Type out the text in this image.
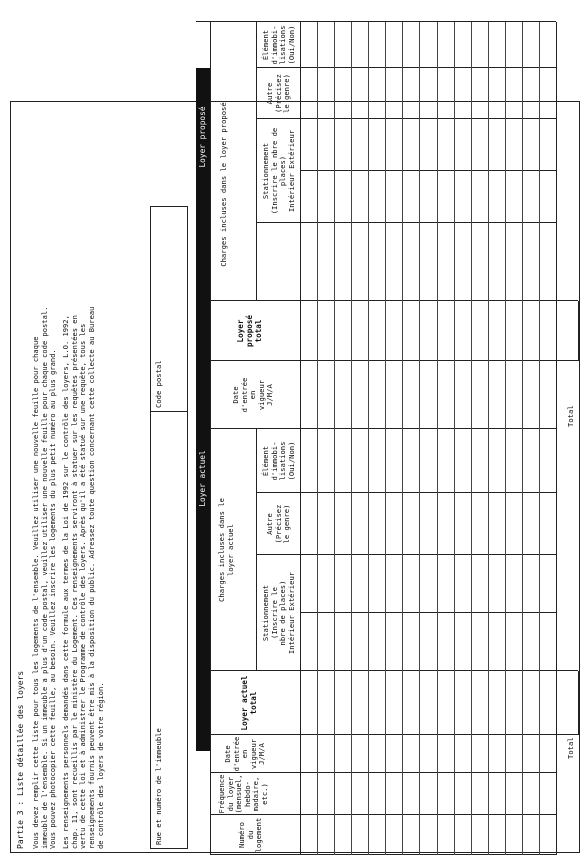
Partie 3 : Liste détaillée des loyers Vous devez remplir cette liste pour tous les logements de l'ensemble. Veuillez utiliser une nouvelle feuille pour chaque immeuble de l'ensemble. Si un immeuble a plus d'un code postal, veuillez utiliser une nouvelle feuille pour chaque code postal. Vous pouvez photocopier cette feuille, au besoin. Veuillez inscrire les logements du plus petit numéro au plus grand. Les renseignements personnels demandés dans cette formule aux termes de la Loi de 1992 sur le contrôle des loyers, L.O. 1992, chap. 11, sont recueillis par le ministère du Logement. Ces renseignements serviront à statuer sur les requêtes présentées en vertu de cette loi et à administrer le Programme de contrôle des loyers. Après qu'il a été statué sur une requête, tous les renseignements fournis peuvent être mis à la disposition du public. Adressez toute question concernant cette collecte au Bureau de contrôle des loyers de votre région.	Rue et numéro de l'immeuble
Code postal
Loyer actuel
Loyer proposé
Numéro
du
logement
Fréquence
du loyer
(mensuel,
hebdo-
madaire,
etc.)
Date
d'entrée
en
vigueur
J/M/A
Loyer actuel
total
Charges incluses dans le
loyer actuel
Stationnement
(Inscrire le
nbre de places)
Intérieur Extérieur
Autre
(Précisez
le genre)
Élément
d'immobi-
lisations
(Oui/Non)
Date
d'entrée
en
vigueur
J/M/A
Loyer
proposé
total
Charges incluses dans le loyer proposé	Stationnement
(Inscrire le nbre de
places)
Intérieur Extérieur
Autre
(Précisez
le genre)
Élément
d'immobi-
lisations
(Oui/Non)
Total
Total
